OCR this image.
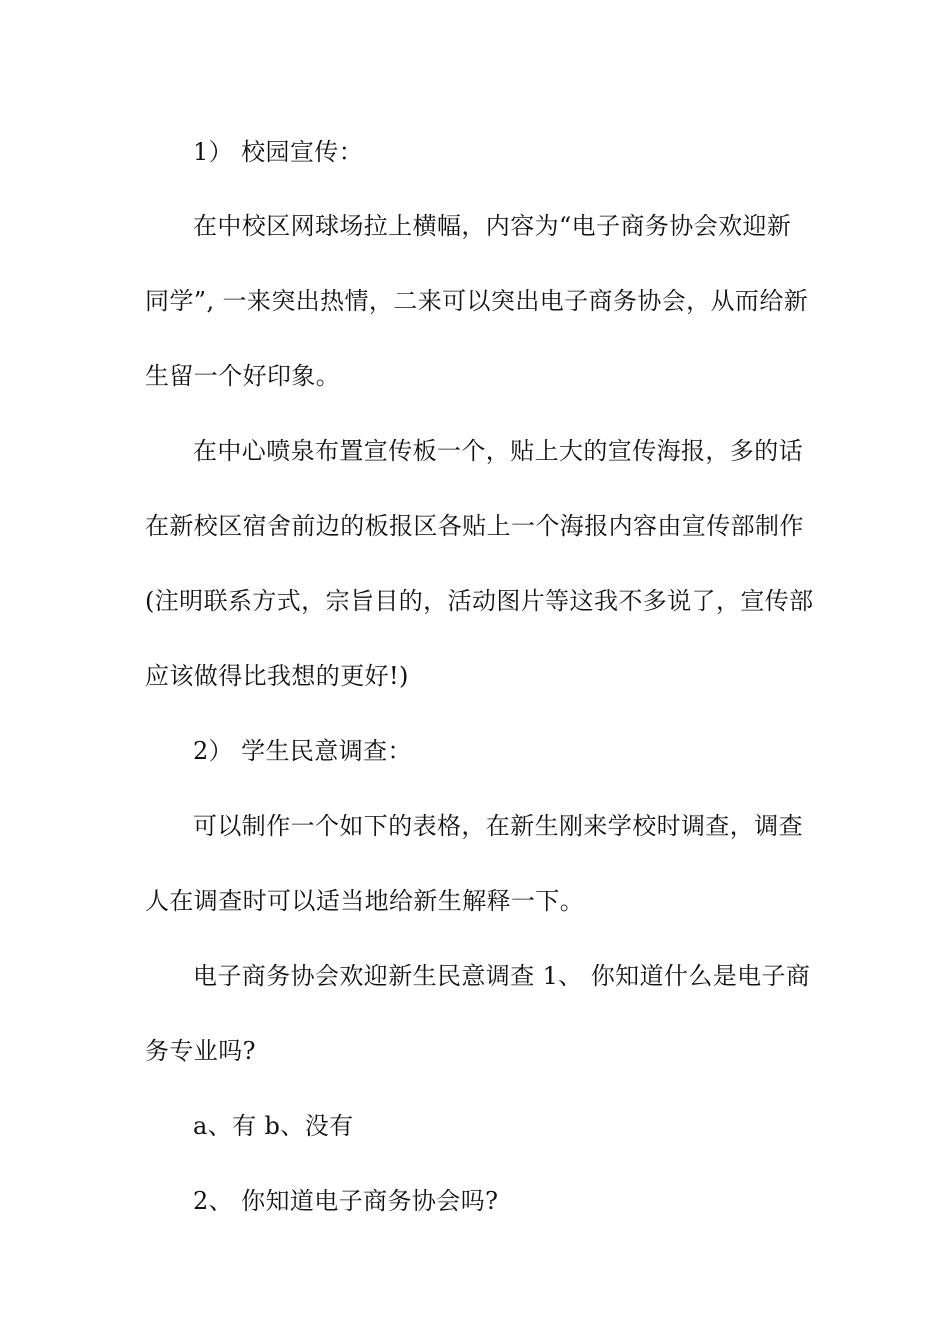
1） 校园宣传：
在中校区网球场拉上横幅，内容为“电子商务协会欢迎新
同学”, 一来突出热情，二来可以突出电子商务协会，从而给新
生留一个好印象。
在中心喷泉布置宣传板一个，贴上大的宣传海报，多的话
在新校区宿舍前边的板报区各贴上一个海报内容由宣传部制作
(注明联系方式，宗旨目的，活动图片等这我不多说了，宣传部
应该做得比我想的更好!)
2） 学生民意调查：
可以制作一个如下的表格，在新生刚来学校时调查，调查
人在调查时可以适当地给新生解释一下。
电子商务协会欢迎新生民意调查 1、 你知道什么是电子商
务专业吗?
a、有 b、没有
2、 你知道电子商务协会吗?
